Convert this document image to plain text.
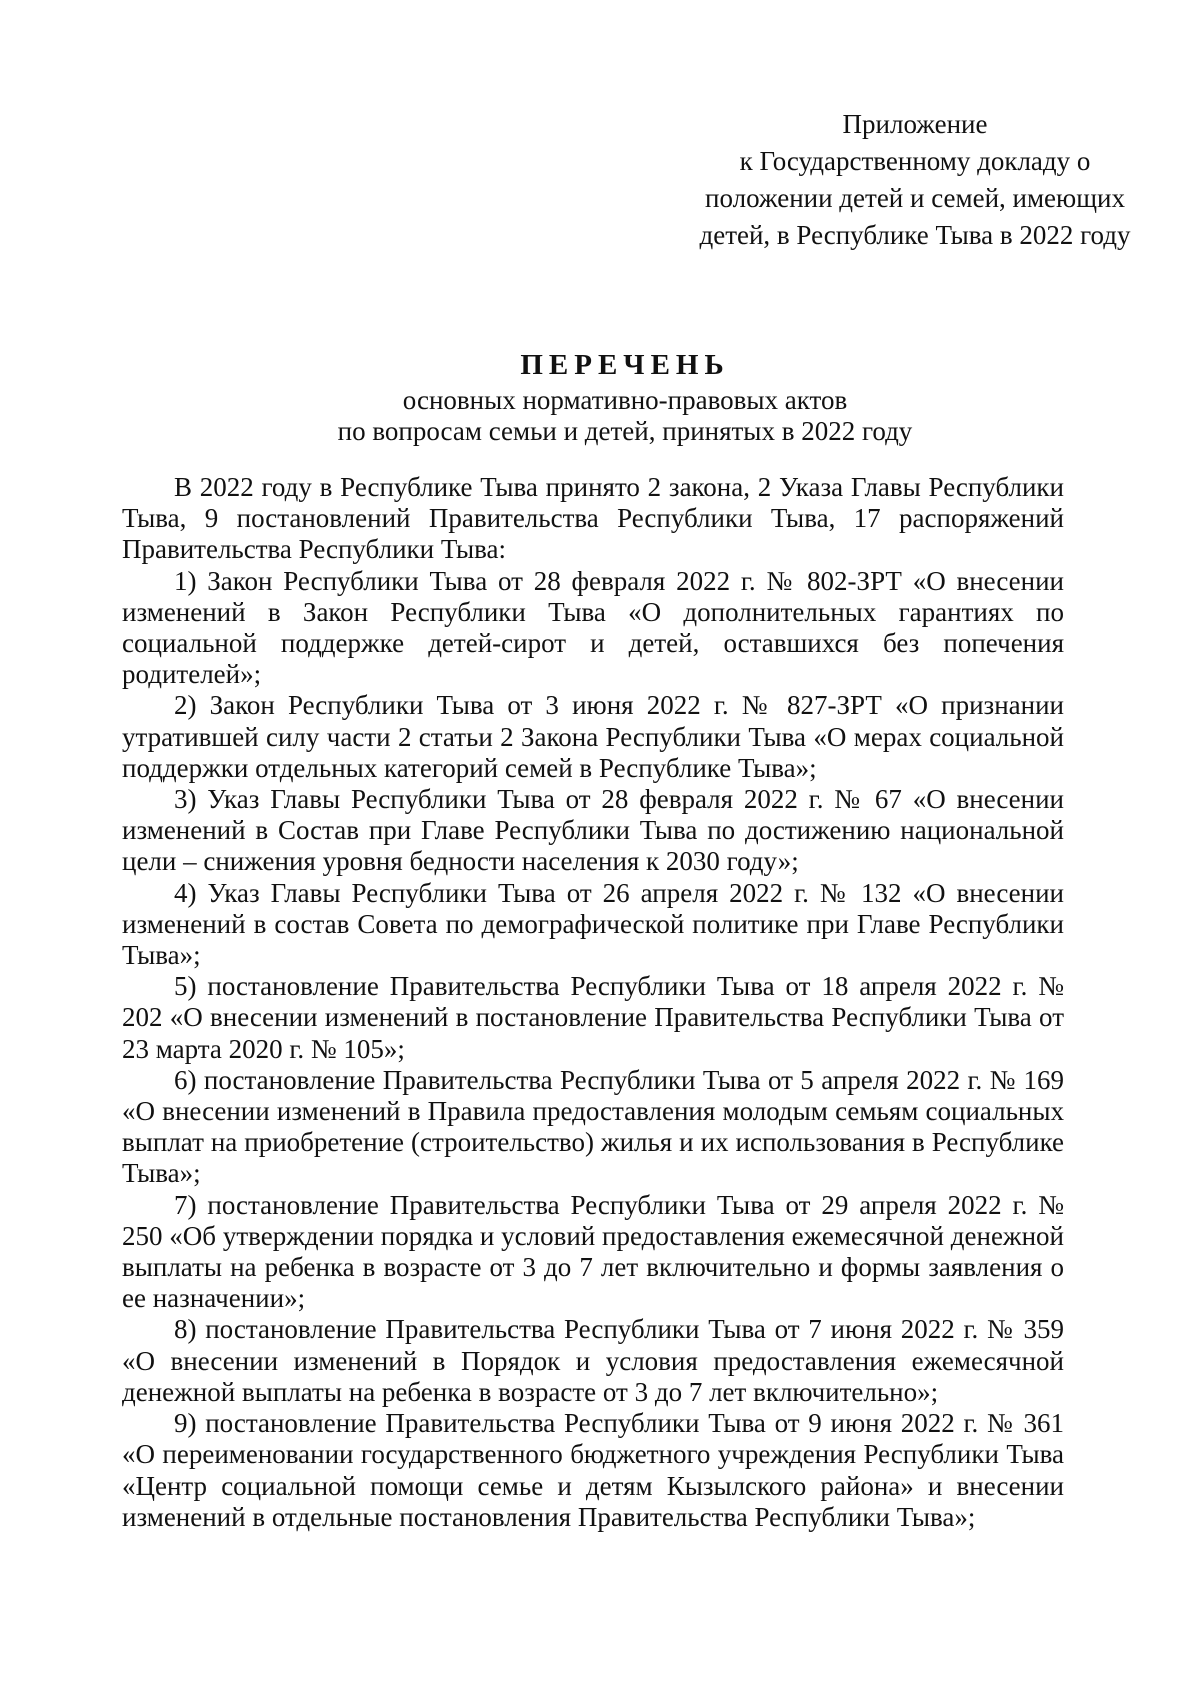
Приложение
к Государственному докладу о
положении детей и семей, имеющих
детей, в Республике Тыва в 2022 году
ПЕРЕЧЕНЬ
основных нормативно-правовых актов
по вопросам семьи и детей, принятых в 2022 году

В 2022 году в Республике Тыва принято 2 закона, 2 Указа Главы Республики Тыва, 9 постановлений Правительства Республики Тыва, 17 распоряжений Правительства Республики Тыва:

1) Закон Республики Тыва от 28 февраля 2022 г. № 802-ЗРТ «О внесении изменений в Закон Республики Тыва «О дополнительных гарантиях по социальной поддержке детей-сирот и детей, оставшихся без попечения родителей»;

2) Закон Республики Тыва от 3 июня 2022 г. № 827-ЗРТ «О признании утратившей силу части 2 статьи 2 Закона Республики Тыва «О мерах социальной поддержки отдельных категорий семей в Республике Тыва»;

3) Указ Главы Республики Тыва от 28 февраля 2022 г. № 67 «О внесении изменений в Состав при Главе Республики Тыва по достижению национальной цели – снижения уровня бедности населения к 2030 году»;

4) Указ Главы Республики Тыва от 26 апреля 2022 г. № 132 «О внесении изменений в состав Совета по демографической политике при Главе Республики Тыва»;

5) постановление Правительства Республики Тыва от 18 апреля 2022 г. № 202 «О внесении изменений в постановление Правительства Республики Тыва от 23 марта 2020 г. № 105»;

6) постановление Правительства Республики Тыва от 5 апреля 2022 г. № 169 «О внесении изменений в Правила предоставления молодым семьям социальных выплат на приобретение (строительство) жилья и их использования в Республике Тыва»;

7) постановление Правительства Республики Тыва от 29 апреля 2022 г. № 250 «Об утверждении порядка и условий предоставления ежемесячной денежной выплаты на ребенка в возрасте от 3 до 7 лет включительно и формы заявления о ее назначении»;

8) постановление Правительства Республики Тыва от 7 июня 2022 г. № 359 «О внесении изменений в Порядок и условия предоставления ежемесячной денежной выплаты на ребенка в возрасте от 3 до 7 лет включительно»;

9) постановление Правительства Республики Тыва от 9 июня 2022 г. № 361 «О переименовании государственного бюджетного учреждения Республики Тыва «Центр социальной помощи семье и детям Кызылского района» и внесении изменений в отдельные постановления Правительства Республики Тыва»;
